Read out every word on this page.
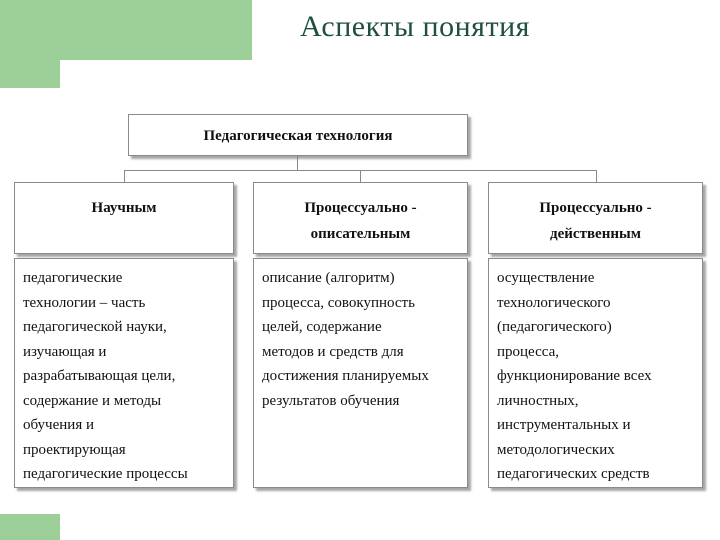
Аспекты понятия
Педагогическая технология
Научным	Процессуально -
описательным
Процессуально -
действенным
педагогические
технологии – часть
педагогической науки,
изучающая и
разрабатывающая цели,
содержание и методы
обучения и
проектирующая
педагогические процессы
описание (алгоритм)
процесса, совокупность
целей, содержание
методов и средств для
достижения планируемых
результатов обучения
осуществление
технологического
(педагогического)
процесса,
функционирование всех
личностных,
инструментальных и
методологических
педагогических средств
